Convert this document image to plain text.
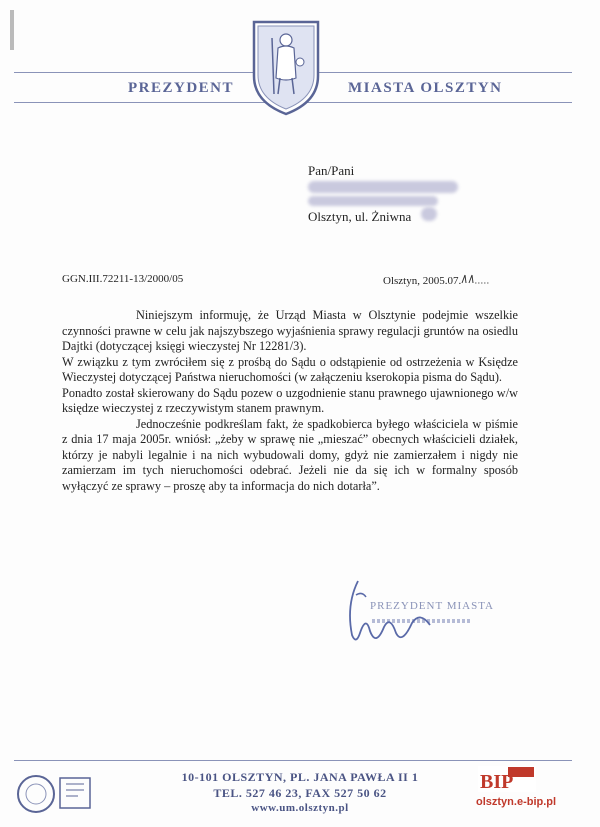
PREZYDENT	MIASTA OLSZTYN
Pan/Pani
Olsztyn, ul. Żniwna
GGN.III.72211-13/2000/05	Olsztyn, 2005.07.

Niniejszym informuję, że Urząd Miasta w Olsztynie podejmie wszelkie czynności prawne w celu jak najszybszego wyjaśnienia sprawy regulacji gruntów na osiedlu Dajtki (dotyczącej księgi wieczystej Nr 12281/3).

W związku z tym zwróciłem się z prośbą do Sądu o odstąpienie od ostrzeżenia w Księdze Wieczystej dotyczącej Państwa nieruchomości (w załączeniu kserokopia pisma do Sądu).

Ponadto został skierowany do Sądu pozew o uzgodnienie stanu prawnego ujawnionego w/w księdze wieczystej z rzeczywistym stanem prawnym.

Jednocześnie podkreślam fakt, że spadkobierca byłego właściciela w piśmie z dnia 17 maja 2005r. wniósł: „żeby w sprawę nie „mieszać” obecnych właścicieli działek, którzy je nabyli legalnie i na nich wybudowali domy, gdyż nie zamierzałem i nigdy nie zamierzam im tych nieruchomości odebrać. Jeżeli nie da się ich w formalny sposób wyłączyć ze sprawy – proszę aby ta informacja do nich dotarła”.

PREZYDENT MIASTA
10-101 OLSZTYN, PL. JANA PAWŁA II 1
TEL. 527 46 23, FAX 527 50 62
www.um.olsztyn.pl
BIP
olsztyn.e-bip.pl
